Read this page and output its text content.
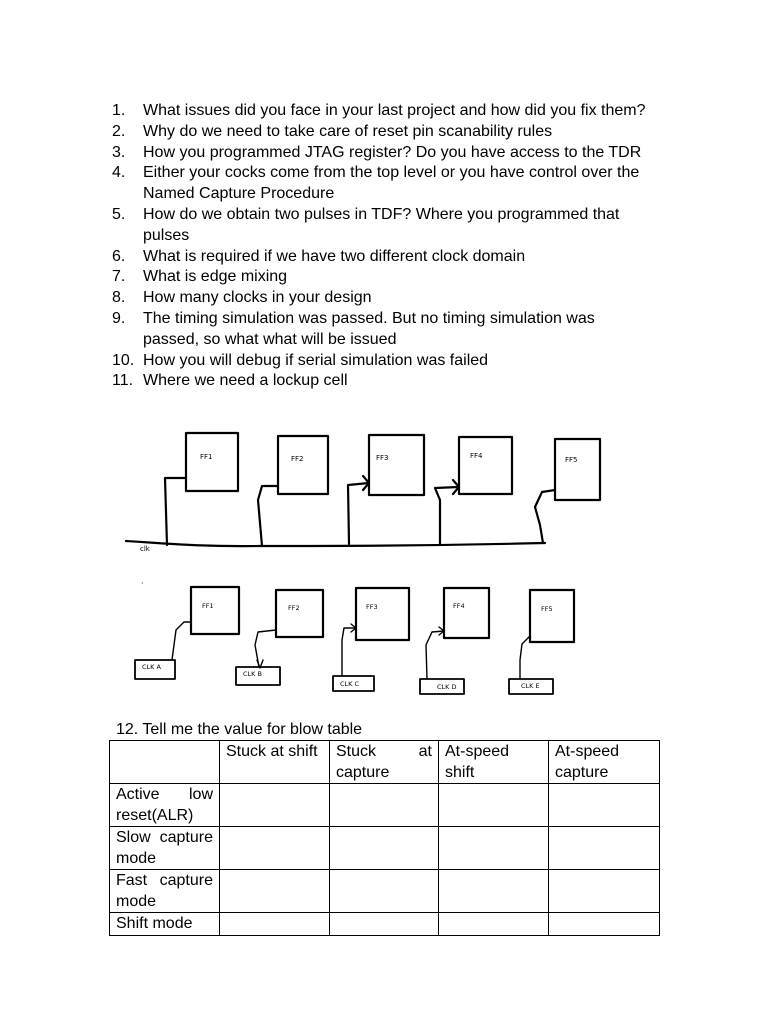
1.	What issues did you face in your last project and how did you fix them?
2.	Why do we need to take care of reset pin scanability rules
3.	How you programmed JTAG register? Do you have access to the TDR
4.	Either your cocks come from the top level or you have control over the Named Capture Procedure
5.	How do we obtain two pulses in TDF? Where you programmed that pulses
6.	What is required if we have two different clock domain
7.	What is edge mixing
8.	How many clocks in your design
9.	The timing simulation was passed. But no timing simulation was passed, so what what will be issued
10. How you will debug if serial simulation was failed
11. Where we need a lockup cell
clk
FF1	FF2	FF3	FF4	FF5
·
FF1	FF2	FF3	FF4	FF5
CLK A
CLK B
CLK C	CLK D	CLK E
12. Tell me the value for blow table
	Stuck at shift	Stuck at capture	At-speed shift	At-speed capture
Active low reset(ALR)				
Slow capture mode				
Fast capture mode				
Shift mode				
